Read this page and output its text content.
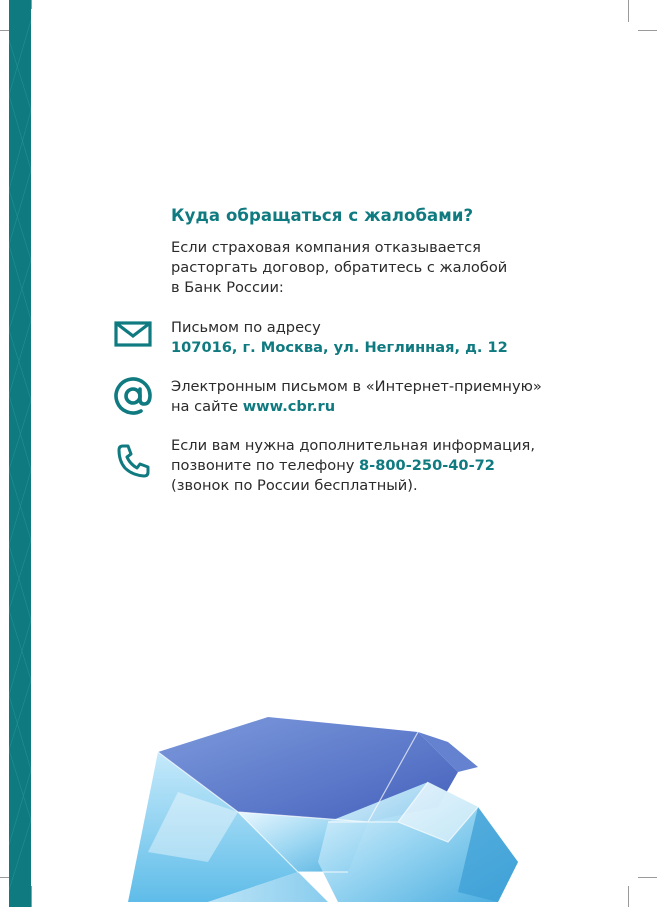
Куда обращаться с жалобами?
Если страховая компания отказывается
расторгать договор, обратитесь с жалобой
в Банк России:
Письмом по адресу
107016, г. Москва, ул. Неглинная, д. 12
Электронным письмом в «Интернет-приемную»
на сайте www.cbr.ru
Если вам нужна дополнительная информация,
позвоните по телефону 8-800-250-40-72
(звонок по России бесплатный).
